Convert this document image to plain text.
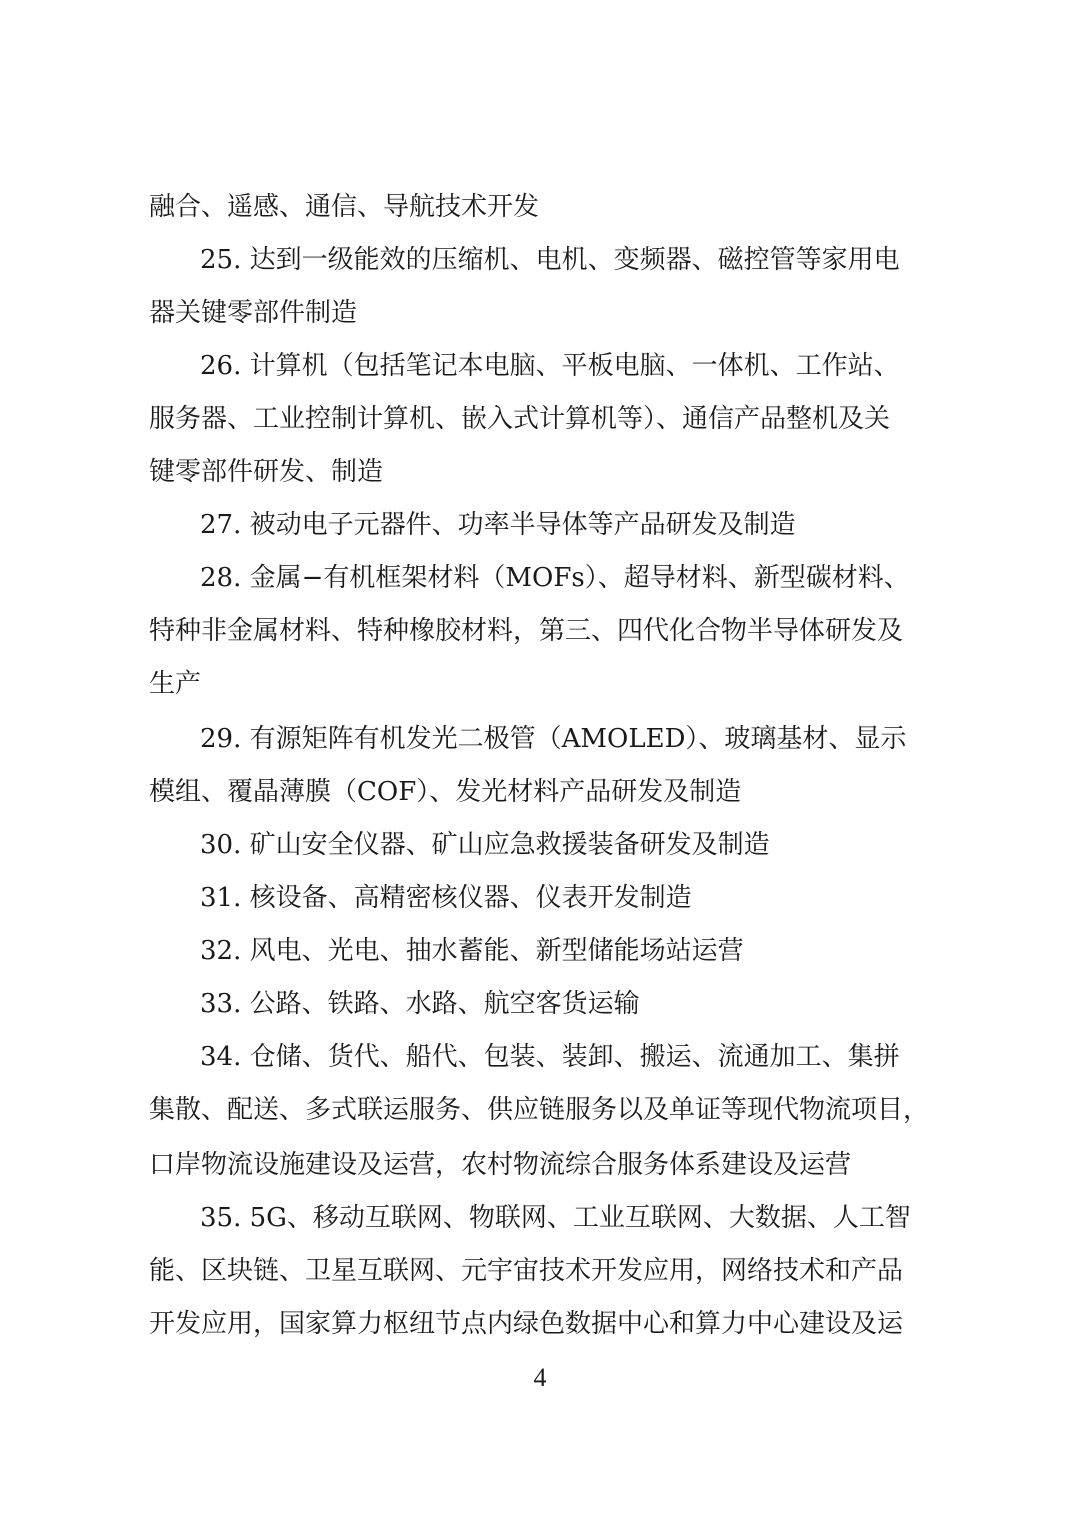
融合、遥感、通信、导航技术开发
25. 达到一级能效的压缩机、电机、变频器、磁控管等家用电
器关键零部件制造
26. 计算机（包括笔记本电脑、平板电脑、一体机、工作站、
服务器、工业控制计算机、嵌入式计算机等）、通信产品整机及关
键零部件研发、制造
27. 被动电子元器件、功率半导体等产品研发及制造
28. 金属−有机框架材料（MOFs）、超导材料、新型碳材料、
特种非金属材料、特种橡胶材料，第三、四代化合物半导体研发及
生产
29. 有源矩阵有机发光二极管（AMOLED）、玻璃基材、显示
模组、覆晶薄膜（COF）、发光材料产品研发及制造
30. 矿山安全仪器、矿山应急救援装备研发及制造
31. 核设备、高精密核仪器、仪表开发制造
32. 风电、光电、抽水蓄能、新型储能场站运营
33. 公路、铁路、水路、航空客货运输
34. 仓储、货代、船代、包装、装卸、搬运、流通加工、集拼
集散、配送、多式联运服务、供应链服务以及单证等现代物流项目，
口岸物流设施建设及运营，农村物流综合服务体系建设及运营
35. 5G、移动互联网、物联网、工业互联网、大数据、人工智
能、区块链、卫星互联网、元宇宙技术开发应用，网络技术和产品
开发应用，国家算力枢纽节点内绿色数据中心和算力中心建设及运
4
